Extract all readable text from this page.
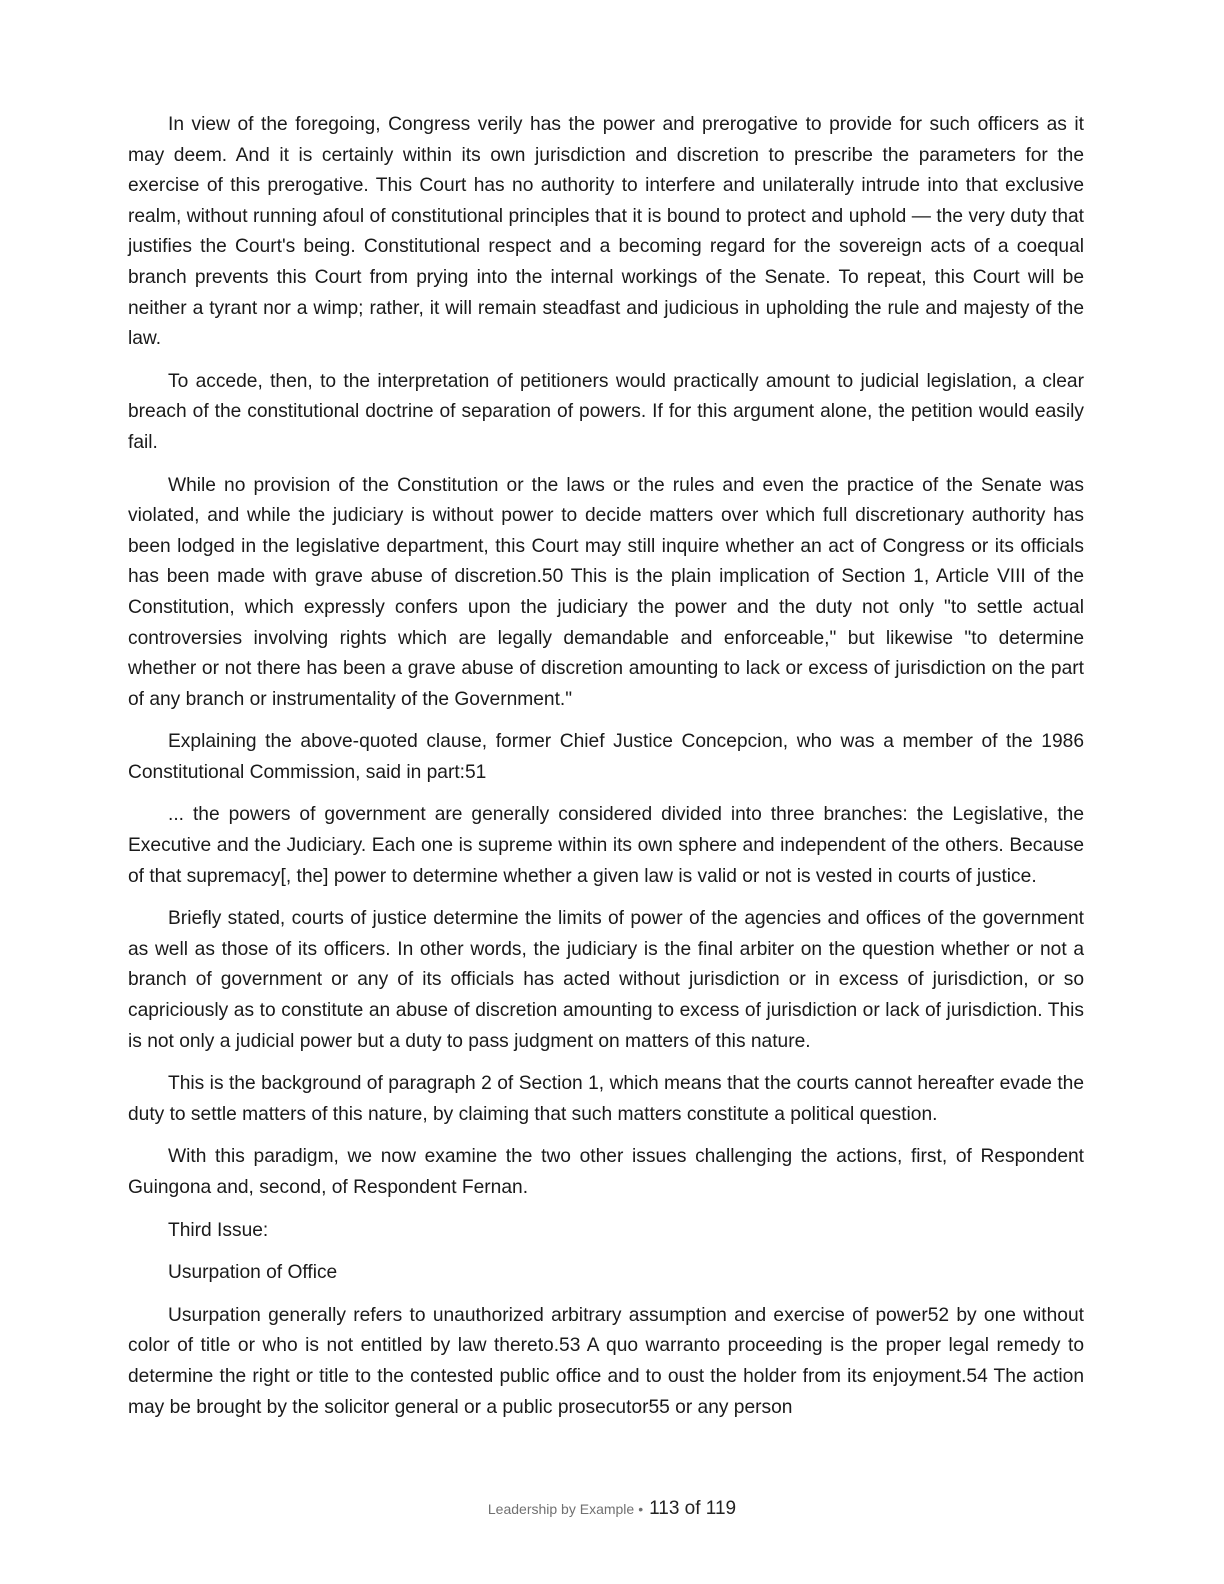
In view of the foregoing, Congress verily has the power and prerogative to provide for such officers as it may deem. And it is certainly within its own jurisdiction and discretion to prescribe the parameters for the exercise of this prerogative. This Court has no authority to interfere and unilaterally intrude into that exclusive realm, without running afoul of constitutional principles that it is bound to protect and uphold — the very duty that justifies the Court's being. Constitutional respect and a becoming regard for the sovereign acts of a coequal branch prevents this Court from prying into the internal workings of the Senate. To repeat, this Court will be neither a tyrant nor a wimp; rather, it will remain steadfast and judicious in upholding the rule and majesty of the law.

To accede, then, to the interpretation of petitioners would practically amount to judicial legislation, a clear breach of the constitutional doctrine of separation of powers. If for this argument alone, the petition would easily fail.

While no provision of the Constitution or the laws or the rules and even the practice of the Senate was violated, and while the judiciary is without power to decide matters over which full discretionary authority has been lodged in the legislative department, this Court may still inquire whether an act of Congress or its officials has been made with grave abuse of discretion.50 This is the plain implication of Section 1, Article VIII of the Constitution, which expressly confers upon the judiciary the power and the duty not only "to settle actual controversies involving rights which are legally demandable and enforceable," but likewise "to determine whether or not there has been a grave abuse of discretion amounting to lack or excess of jurisdiction on the part of any branch or instrumentality of the Government."

Explaining the above-quoted clause, former Chief Justice Concepcion, who was a member of the 1986 Constitutional Commission, said in part:51

... the powers of government are generally considered divided into three branches: the Legislative, the Executive and the Judiciary. Each one is supreme within its own sphere and independent of the others. Because of that supremacy[, the] power to determine whether a given law is valid or not is vested in courts of justice.

Briefly stated, courts of justice determine the limits of power of the agencies and offices of the government as well as those of its officers. In other words, the judiciary is the final arbiter on the question whether or not a branch of government or any of its officials has acted without jurisdiction or in excess of jurisdiction, or so capriciously as to constitute an abuse of discretion amounting to excess of jurisdiction or lack of jurisdiction. This is not only a judicial power but a duty to pass judgment on matters of this nature.

This is the background of paragraph 2 of Section 1, which means that the courts cannot hereafter evade the duty to settle matters of this nature, by claiming that such matters constitute a political question.

With this paradigm, we now examine the two other issues challenging the actions, first, of Respondent Guingona and, second, of Respondent Fernan.

Third Issue:

Usurpation of Office

Usurpation generally refers to unauthorized arbitrary assumption and exercise of power52 by one without color of title or who is not entitled by law thereto.53 A quo warranto proceeding is the proper legal remedy to determine the right or title to the contested public office and to oust the holder from its enjoyment.54 The action may be brought by the solicitor general or a public prosecutor55 or any person

Leadership by Example • 113 of 119
